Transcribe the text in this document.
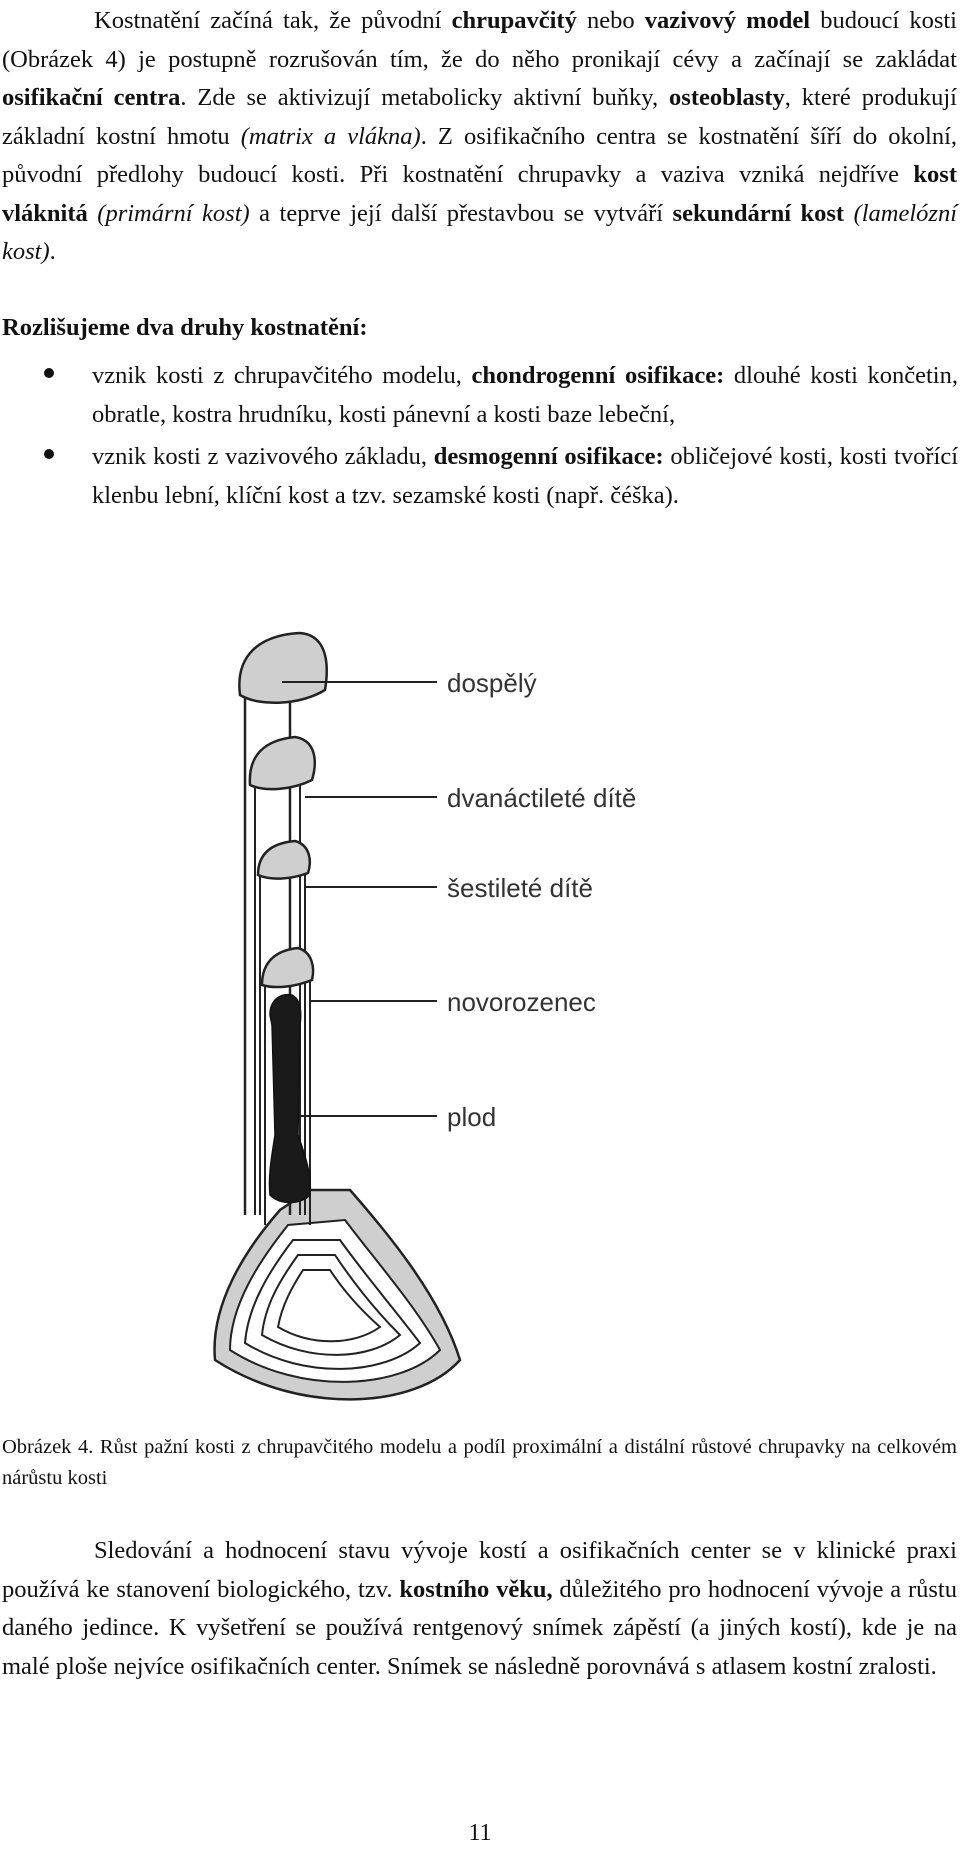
Kostnatění začíná tak, že původní chrupavčitý nebo vazivový model budoucí kosti (Obrázek 4) je postupně rozrušován tím, že do něho pronikají cévy a začínají se zakládat osifikační centra. Zde se aktivizují metabolicky aktivní buňky, osteoblasty, které produkují základní kostní hmotu (matrix a vlákna). Z osifikačního centra se kostnatění šíří do okolní, původní předlohy budoucí kosti. Při kostnatění chrupavky a vaziva vzniká nejdříve kost vláknitá (primární kost) a teprve její další přestavbou se vytváří sekundární kost (lamelózní kost).

Rozlišujeme dva druhy kostnatění:
vznik kosti z chrupavčitého modelu, chondrogenní osifikace: dlouhé kosti končetin, obratle, kostra hrudníku, kosti pánevní a kosti baze lebeční,
vznik kosti z vazivového základu, desmogenní osifikace: obličejové kosti, kosti tvořící klenbu lební, klíční kost a tzv. sezamské kosti (např. čéška).
dospělý
dvanáctileté dítě
šestileté dítě
novorozenec
plod

Obrázek 4. Růst pažní kosti z chrupavčitého modelu a podíl proximální a distální růstové chrupavky na celkovém nárůstu kosti

Sledování a hodnocení stavu vývoje kostí a osifikačních center se v klinické praxi používá ke stanovení biologického, tzv. kostního věku, důležitého pro hodnocení vývoje a růstu daného jedince. K vyšetření se používá rentgenový snímek zápěstí (a jiných kostí), kde je na malé ploše nejvíce osifikačních center. Snímek se následně porovnává s atlasem kostní zralosti.

11
